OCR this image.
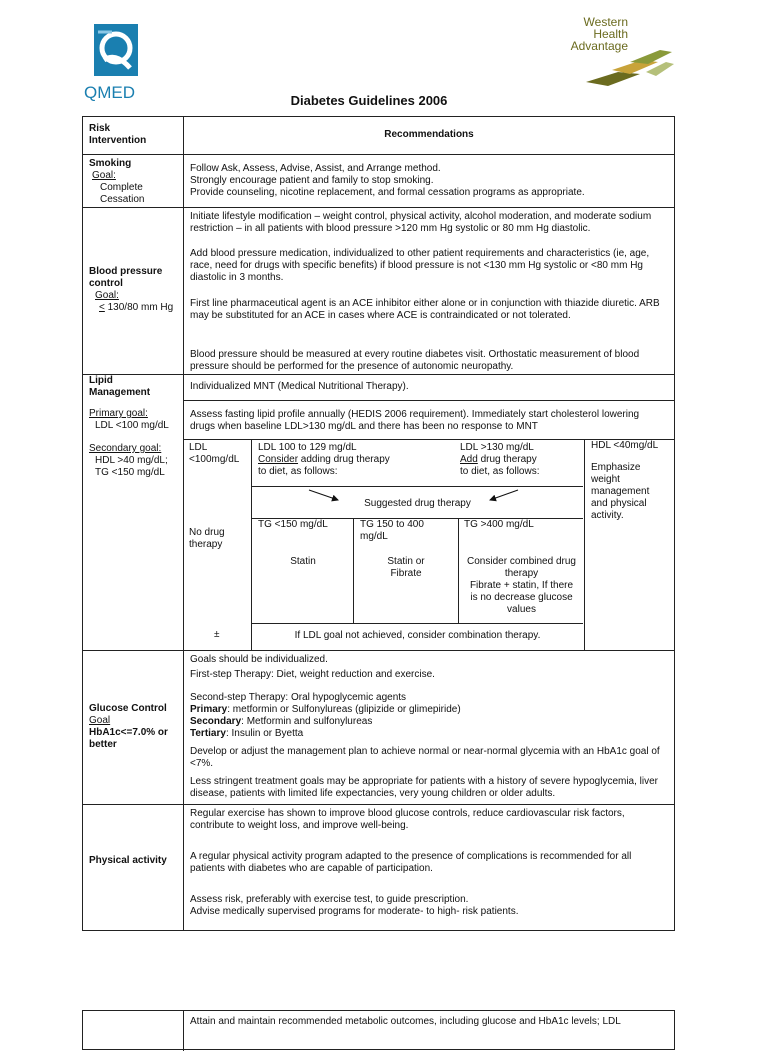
QMED
Western
Health
Advantage
Diabetes Guidelines 2006
Risk
Intervention
Recommendations
Smoking
Goal:
Complete
Cessation
Follow Ask, Assess, Advise, Assist, and Arrange method.
Strongly encourage patient and family to stop smoking.
Provide counseling, nicotine replacement, and formal cessation programs as appropriate.
Blood pressure
control
Goal:
< 130/80 mm Hg
Initiate lifestyle modification – weight control, physical activity, alcohol moderation, and moderate sodium
restriction – in all patients with blood pressure >120 mm Hg systolic or 80 mm Hg diastolic.
Add blood pressure medication, individualized to other patient requirements and characteristics (ie, age,
race, need for drugs with specific benefits) if blood pressure is not <130 mm Hg systolic or <80 mm Hg
diastolic in 3 months.
First line pharmaceutical agent is an ACE inhibitor either alone or in conjunction with thiazide diuretic. ARB
may be substituted for an ACE in cases where ACE is contraindicated or not tolerated.
Blood pressure should be measured at every routine diabetes visit. Orthostatic measurement of blood
pressure should be performed for the presence of autonomic neuropathy.
Lipid
Management
Primary goal:
LDL <100 mg/dL
Secondary goal:
HDL >40 mg/dL;
TG <150 mg/dL
Individualized MNT (Medical Nutritional Therapy).
Assess fasting lipid profile annually (HEDIS 2006 requirement). Immediately start cholesterol lowering
drugs when baseline LDL>130 mg/dL and there has been no response to MNT
LDL
<100mg/dL
No drug
therapy
±
LDL 100 to 129 mg/dL
Consider adding drug therapy
to diet, as follows:
LDL >130 mg/dL
Add drug therapy
to diet, as follows:
Suggested drug therapy
TG <150 mg/dL	TG 150 to 400
mg/dL
TG >400 mg/dL
Statin	Statin or
Fibrate
Consider combined drug
therapy
Fibrate + statin, If there
is no decrease glucose
values
If LDL goal not achieved, consider combination therapy.
HDL <40mg/dL
Emphasize
weight
management
and physical
activity.
Glucose Control
Goal
HbA1c<=7.0% or
better
Goals should be individualized.
First-step Therapy: Diet, weight reduction and exercise.
Second-step Therapy: Oral hypoglycemic agents
Primary: metformin or Sulfonylureas (glipizide or glimepiride)
Secondary: Metformin and sulfonylureas
Tertiary: Insulin or Byetta
Develop or adjust the management plan to achieve normal or near-normal glycemia with an HbA1c goal of
<7%.
Less stringent treatment goals may be appropriate for patients with a history of severe hypoglycemia, liver
disease, patients with limited life expectancies, very young children or older adults.
Physical activity
Regular exercise has shown to improve blood glucose controls, reduce cardiovascular risk factors,
contribute to weight loss, and improve well-being.
A regular physical activity program adapted to the presence of complications is recommended for all
patients with diabetes who are capable of participation.
Assess risk, preferably with exercise test, to guide prescription.
Advise medically supervised programs for moderate- to high- risk patients.
Attain and maintain recommended metabolic outcomes, including glucose and HbA1c levels; LDL
